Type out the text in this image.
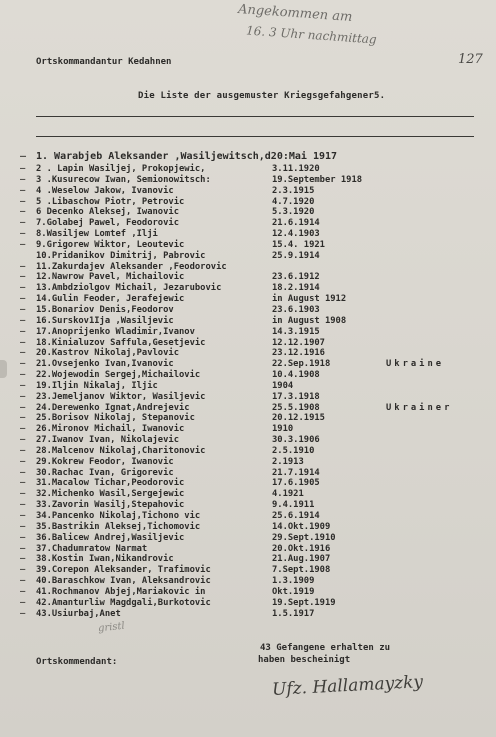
Angekommen am
16. 3 Uhr nachmittag
127
Ortskommandantur Kedahnen
Die Liste der ausgemuster Kriegsgefahgener5.
— 1. Warabjeb Aleksander ,Wasiljewitsch,d20:Mai 1917
— 2 . Lapin Wasiljej, Prokopjewic,	3.11.1920
— 3 .Kusurecow Iwan, Semionowitsch:	19.September 1918
– 4 .Weselow Jakow, Ivanovic	2.3.1915
– 5 .Libaschow Piotr, Petrovic	4.7.1920
– 6 Decenko Aleksej, Iwanovic	5.3.1920
– 7.Golabej Pawel, Feodorovic	21.6.1914
– 8.Wasiljew Lomtef ,Ilji	12.4.1903
– 9.Grigorew Wiktor, Leoutevic	15.4. 1921
10.Pridanikov Dimitrij, Pabrovic	25.9.1914
– 11.Zakurdajev Aleksander ,Feodorovic
– 12.Nawrow Pavel, Michailovic	23.6.1912
– 13.Ambdziolgov Michail, Jezarubovic	18.2.1914
– 14.Gulin Feoder, Jerafejewic	in August 1912
– 15.Bonariov Denis,Feodorov	23.6.1903
– 16.Surskov1Ija ,Wasiljevic	in August 1908
– 17.Anoprijenko Wladimir,Ivanov	14.3.1915
– 18.Kinialuzov Saffula,Gesetjevic	12.12.1907
– 20.Kastrov Nikolaj,Pavlovic	23.12.1916
– 21.Ovsejenko Ivan,Ivanovic	22.Sep.1918	Ukraine
– 22.Wojewodin Sergej,Michailovic	10.4.1908
– 19.Iljin Nikalaj, Iljic	1904
– 23.Jemeljanov Wiktor, Wasiljevic	17.3.1918
– 24.Derewenko Ignat,Andrejevic	25.5.1908	Ukrainer
– 25.Borisov Nikolaj, Stepanovic	20.12.1915
– 26.Mironov Michail, Iwanovic	1910
– 27.Iwanov Ivan, Nikolajevic	30.3.1906
– 28.Malcenov Nikolaj,Charitonovic	2.5.1910
– 29.Kokrew Feodor, Iwanovic	2.1913
– 30.Rachac Ivan, Grigorevic	21.7.1914
– 31.Macalow Tichar,Peodorovic	17.6.1905
– 32.Michenko Wasil,Sergejewic	4.1921
– 33.Zavorin Wasilj,Stepahovic	9.4.1911
– 34.Pancenko Nikolaj,Tichono vic	25.6.1914
– 35.Bastrikin Aleksej,Tichomovic	14.Okt.1909
– 36.Balicew Andrej,Wasiljevic	29.Sept.1910
– 37.Chadumratow Narmat	20.Okt.1916
– 38.Kostin Iwan,Nikandrovic	21.Aug.1907
– 39.Corepon Aleksander, Trafimovic	7.Sept.1908
– 40.Baraschkow Ivan, Aleksandrovic	1.3.1909
– 41.Rochmanov Abjej,Mariakovic in	Okt.1919
– 42.Amanturliw Magdgali,Burkotovic	19.Sept.1919
– 43.Usiurbaj,Anet	1.5.1917
gristl
43 Gefangene erhalten zu
haben bescheinigt
Ortskommendant:
Ufz. Hallamayzky
